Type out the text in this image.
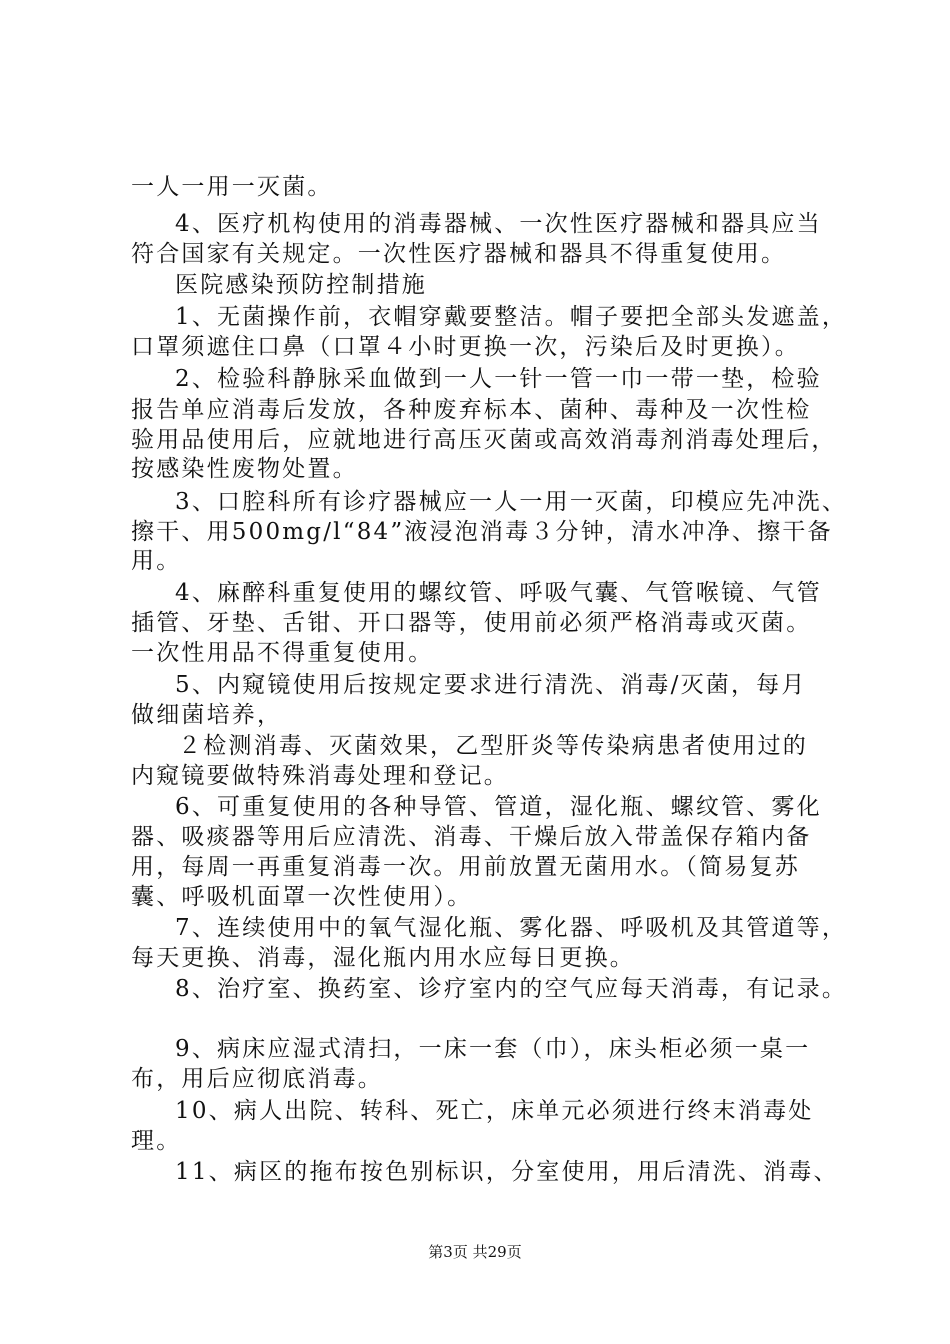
一人一用一灭菌。
4、医疗机构使用的消毒器械、一次性医疗器械和器具应当
符合国家有关规定。一次性医疗器械和器具不得重复使用。
医院感染预防控制措施
1、无菌操作前，衣帽穿戴要整洁。帽子要把全部头发遮盖，
口罩须遮住口鼻（口罩４小时更换一次，污染后及时更换）。
2、检验科静脉采血做到一人一针一管一巾一带一垫，检验
报告单应消毒后发放，各种废弃标本、菌种、毒种及一次性检
验用品使用后，应就地进行高压灭菌或高效消毒剂消毒处理后，
按感染性废物处置。
3、口腔科所有诊疗器械应一人一用一灭菌，印模应先冲洗、
擦干、用500mg/l“84”液浸泡消毒３分钟，清水冲净、擦干备
用。
4、麻醉科重复使用的螺纹管、呼吸气囊、气管喉镜、气管
插管、牙垫、舌钳、开口器等，使用前必须严格消毒或灭菌。
一次性用品不得重复使用。
5、内窥镜使用后按规定要求进行清洗、消毒/灭菌，每月
做细菌培养，
２检测消毒、灭菌效果，乙型肝炎等传染病患者使用过的
内窥镜要做特殊消毒处理和登记。
6、可重复使用的各种导管、管道，湿化瓶、螺纹管、雾化
器、吸痰器等用后应清洗、消毒、干燥后放入带盖保存箱内备
用，每周一再重复消毒一次。用前放置无菌用水。（简易复苏
囊、呼吸机面罩一次性使用）。
7、连续使用中的氧气湿化瓶、雾化器、呼吸机及其管道等，
每天更换、消毒，湿化瓶内用水应每日更换。
8、治疗室、换药室、诊疗室内的空气应每天消毒，有记录。
9、病床应湿式清扫，一床一套（巾），床头柜必须一桌一
布，用后应彻底消毒。
10、病人出院、转科、死亡，床单元必须进行终末消毒处
理。
11、病区的拖布按色别标识，分室使用，用后清洗、消毒、
第3页 共29页
